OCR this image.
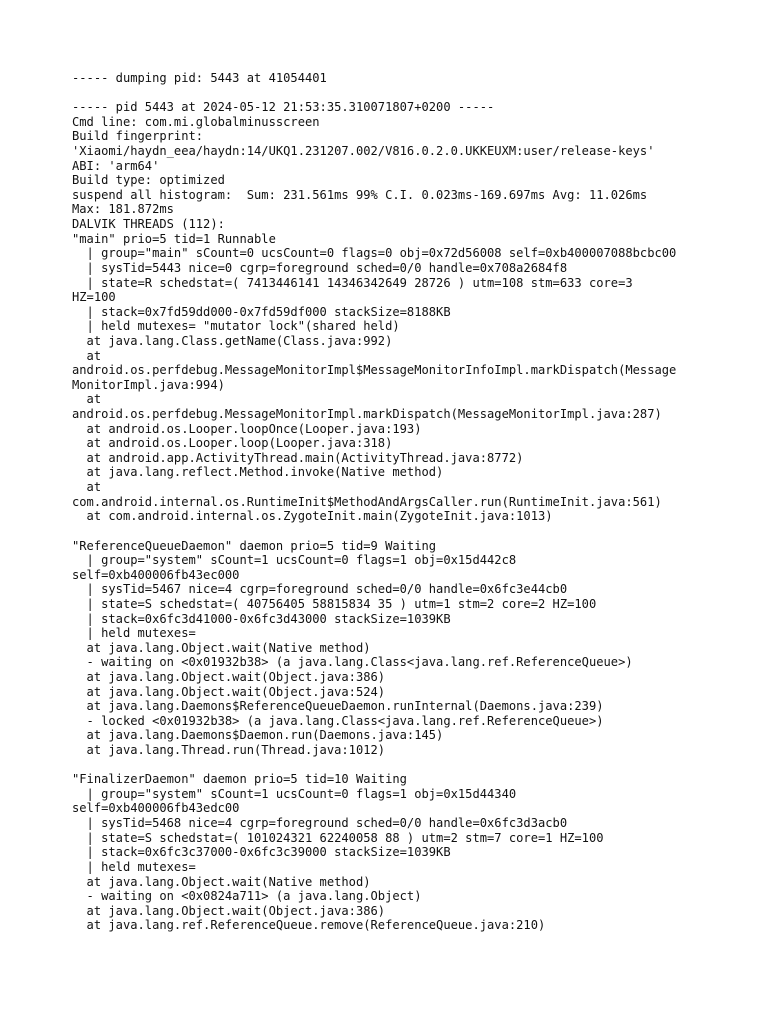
----- dumping pid: 5443 at 41054401
----- pid 5443 at 2024-05-12 21:53:35.310071807+0200 -----
Cmd line: com.mi.globalminusscreen
Build fingerprint:
'Xiaomi/haydn_eea/haydn:14/UKQ1.231207.002/V816.0.2.0.UKKEUXM:user/release-keys'
ABI: 'arm64'
Build type: optimized
suspend all histogram:  Sum: 231.561ms 99% C.I. 0.023ms-169.697ms Avg: 11.026ms
Max: 181.872ms
DALVIK THREADS (112):
"main" prio=5 tid=1 Runnable
| group="main" sCount=0 ucsCount=0 flags=0 obj=0x72d56008 self=0xb400007088bcbc00
| sysTid=5443 nice=0 cgrp=foreground sched=0/0 handle=0x708a2684f8
| state=R schedstat=( 7413446141 14346342649 28726 ) utm=108 stm=633 core=3
HZ=100
| stack=0x7fd59dd000-0x7fd59df000 stackSize=8188KB
| held mutexes= "mutator lock"(shared held)
at java.lang.Class.getName(Class.java:992)
at
android.os.perfdebug.MessageMonitorImpl$MessageMonitorInfoImpl.markDispatch(Message
MonitorImpl.java:994)
at
android.os.perfdebug.MessageMonitorImpl.markDispatch(MessageMonitorImpl.java:287)
at android.os.Looper.loopOnce(Looper.java:193)
at android.os.Looper.loop(Looper.java:318)
at android.app.ActivityThread.main(ActivityThread.java:8772)
at java.lang.reflect.Method.invoke(Native method)
at
com.android.internal.os.RuntimeInit$MethodAndArgsCaller.run(RuntimeInit.java:561)
at com.android.internal.os.ZygoteInit.main(ZygoteInit.java:1013)
"ReferenceQueueDaemon" daemon prio=5 tid=9 Waiting
| group="system" sCount=1 ucsCount=0 flags=1 obj=0x15d442c8
self=0xb400006fb43ec000
| sysTid=5467 nice=4 cgrp=foreground sched=0/0 handle=0x6fc3e44cb0
| state=S schedstat=( 40756405 58815834 35 ) utm=1 stm=2 core=2 HZ=100
| stack=0x6fc3d41000-0x6fc3d43000 stackSize=1039KB
| held mutexes=
at java.lang.Object.wait(Native method)
- waiting on <0x01932b38> (a java.lang.Class<java.lang.ref.ReferenceQueue>)
at java.lang.Object.wait(Object.java:386)
at java.lang.Object.wait(Object.java:524)
at java.lang.Daemons$ReferenceQueueDaemon.runInternal(Daemons.java:239)
- locked <0x01932b38> (a java.lang.Class<java.lang.ref.ReferenceQueue>)
at java.lang.Daemons$Daemon.run(Daemons.java:145)
at java.lang.Thread.run(Thread.java:1012)
"FinalizerDaemon" daemon prio=5 tid=10 Waiting
| group="system" sCount=1 ucsCount=0 flags=1 obj=0x15d44340
self=0xb400006fb43edc00
| sysTid=5468 nice=4 cgrp=foreground sched=0/0 handle=0x6fc3d3acb0
| state=S schedstat=( 101024321 62240058 88 ) utm=2 stm=7 core=1 HZ=100
| stack=0x6fc3c37000-0x6fc3c39000 stackSize=1039KB
| held mutexes=
at java.lang.Object.wait(Native method)
- waiting on <0x0824a711> (a java.lang.Object)
at java.lang.Object.wait(Object.java:386)
at java.lang.ref.ReferenceQueue.remove(ReferenceQueue.java:210)
